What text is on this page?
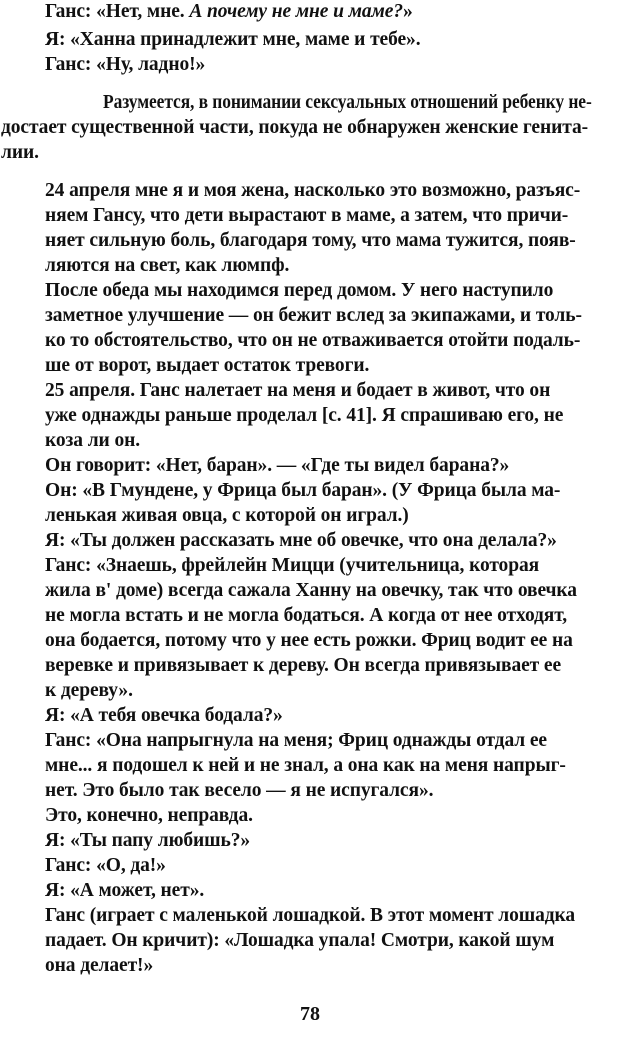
Ганс: «Нет, мне. А почему не мне и маме?»
Я: «Ханна принадлежит мне, маме и тебе».
Ганс: «Ну, ладно!»
Разумеется, в понимании сексуальных отношений ребенку не-
достает существенной части, покуда не обнаружен женские генита-
лии.
24 апреля мне я и моя жена, насколько это возможно, разъяс-
няем Гансу, что дети вырастают в маме, а затем, что причи-
няет сильную боль, благодаря тому, что мама тужится, появ-
ляются на свет, как люмпф.
После обеда мы находимся перед домом. У него наступило
заметное улучшение — он бежит вслед за экипажами, и толь-
ко то обстоятельство, что он не отваживается отойти подаль-
ше от ворот, выдает остаток тревоги.
25 апреля. Ганс налетает на меня и бодает в живот, что он
уже однажды раньше проделал [с. 41]. Я спрашиваю его, не
коза ли он.
Он говорит: «Нет, баран». — «Где ты видел барана?»
Он: «В Гмундене, у Фрица был баран». (У Фрица была ма-
ленькая живая овца, с которой он играл.)
Я: «Ты должен рассказать мне об овечке, что она делала?»
Ганс: «Знаешь, фрейлейн Мицци (учительница, которая
жила в' доме) всегда сажала Ханну на овечку, так что овечка
не могла встать и не могла бодаться. А когда от нее отходят,
она бодается, потому что у нее есть рожки. Фриц водит ее на
веревке и привязывает к дереву. Он всегда привязывает ее
к дереву».
Я: «А тебя овечка бодала?»
Ганс: «Она напрыгнула на меня; Фриц однажды отдал ее
мне... я подошел к ней и не знал, а она как на меня напрыг-
нет. Это было так весело — я не испугался».
Это, конечно, неправда.
Я: «Ты папу любишь?»
Ганс: «О, да!»
Я: «А может, нет».
Ганс (играет с маленькой лошадкой. В этот момент лошадка
падает. Он кричит): «Лошадка упала! Смотри, какой шум
она делает!»
78
